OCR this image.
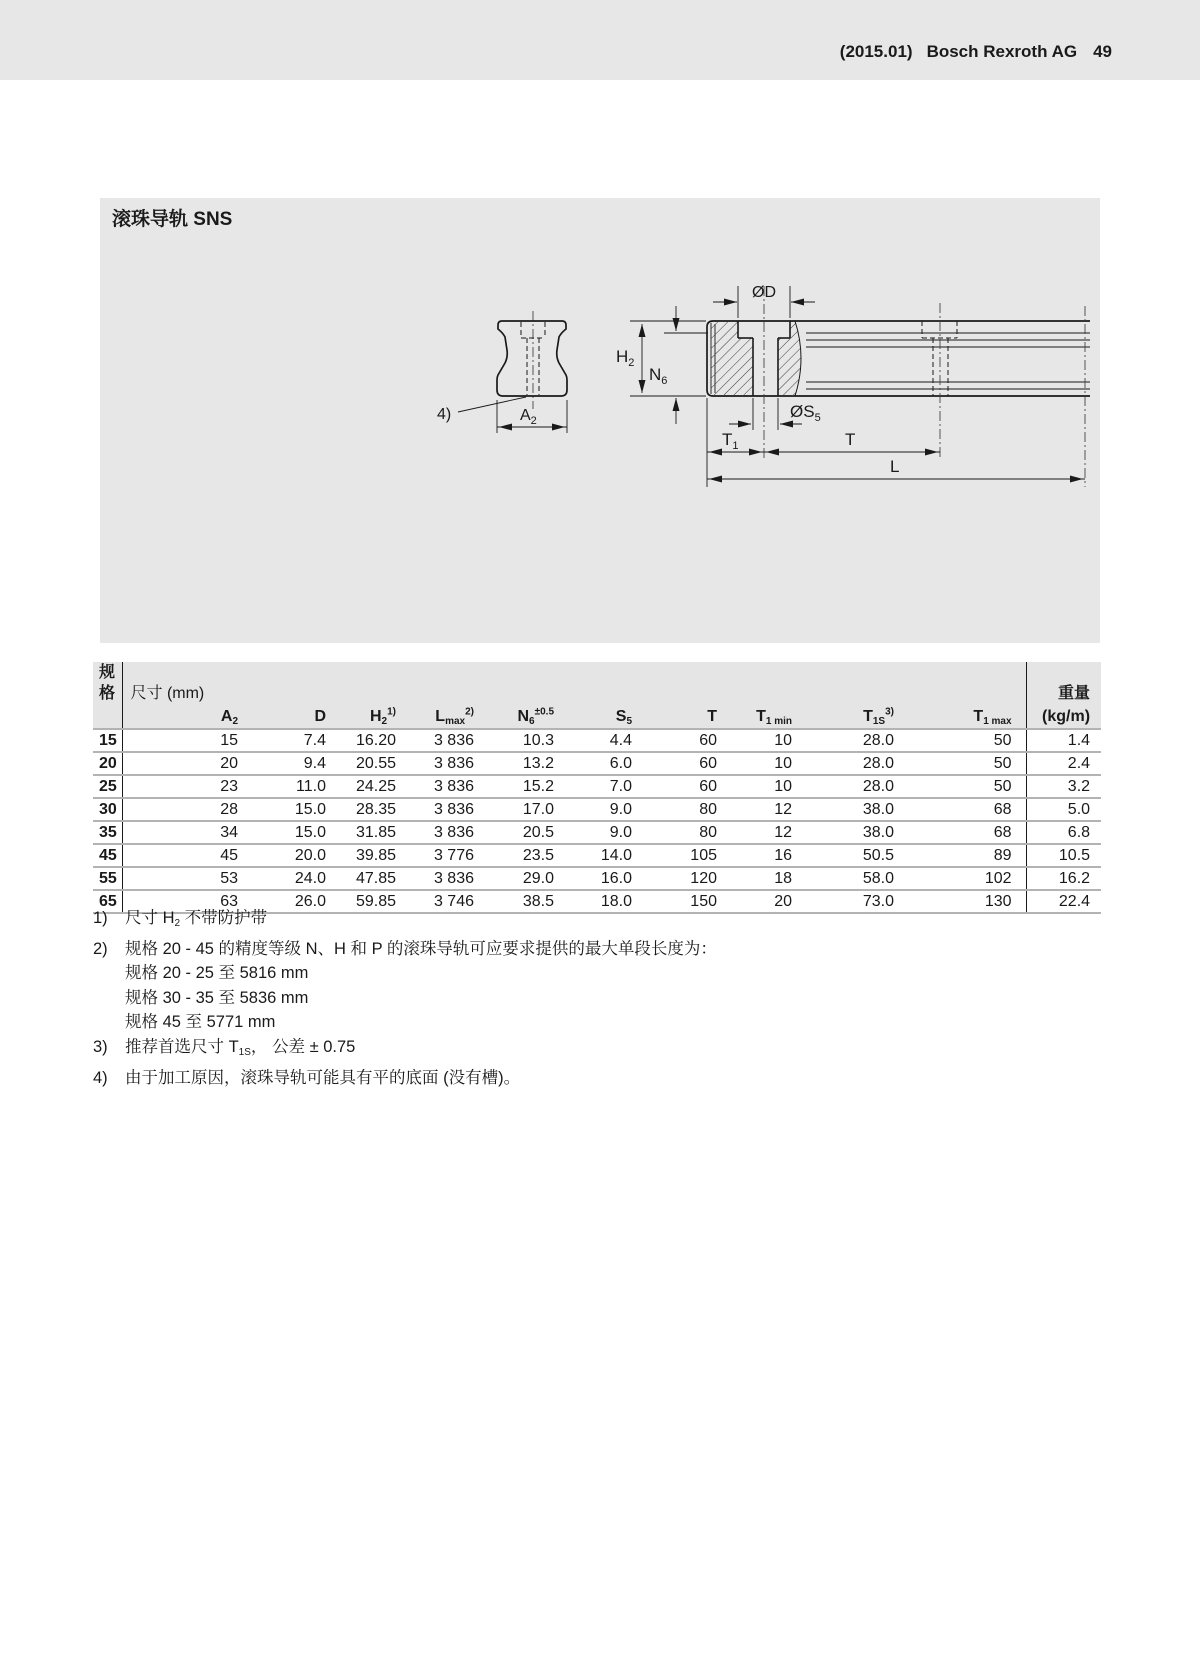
(2015.01) Bosch Rexroth AG 49
滚珠导轨 SNS
4)	$A_2$
ØD
$H_2$
$N_6$
$ØS_5$
$T_1$	T
L
规格	尺寸 (mm)										重量
	$A_2$	D	$H_2^{1)}$	$L_{max}^{2)}$	$N_6^{\pm 0.5}$	$S_5$	T	$T_{1 min}$	$T_{1S}^{3)}$	$T_{1 max}$	(kg/m)
15	15	7.4	16.20	3 836	10.3	4.4	60	10	28.0	50	1.4
20	20	9.4	20.55	3 836	13.2	6.0	60	10	28.0	50	2.4
25	23	11.0	24.25	3 836	15.2	7.0	60	10	28.0	50	3.2
30	28	15.0	28.35	3 836	17.0	9.0	80	12	38.0	68	5.0
35	34	15.0	31.85	3 836	20.5	9.0	80	12	38.0	68	6.8
45	45	20.0	39.85	3 776	23.5	14.0	105	16	50.5	89	10.5
55	53	24.0	47.85	3 836	29.0	16.0	120	18	58.0	102	16.2
65	63	26.0	59.85	3 746	38.5	18.0	150	20	73.0	130	22.4
1)	尺寸 $H_2$ 不带防护带
2)	规格 20 - 45 的精度等级 N、H 和 P 的滚珠导轨可应要求提供的最大单段长度为：
规格 20 - 25 至 5816 mm
规格 30 - 35 至 5836 mm
规格 45 至 5771 mm
3)	推荐首选尺寸 $T_{1S}$， 公差 ± 0.75
4)	由于加工原因，滚珠导轨可能具有平的底面 (没有槽)。
